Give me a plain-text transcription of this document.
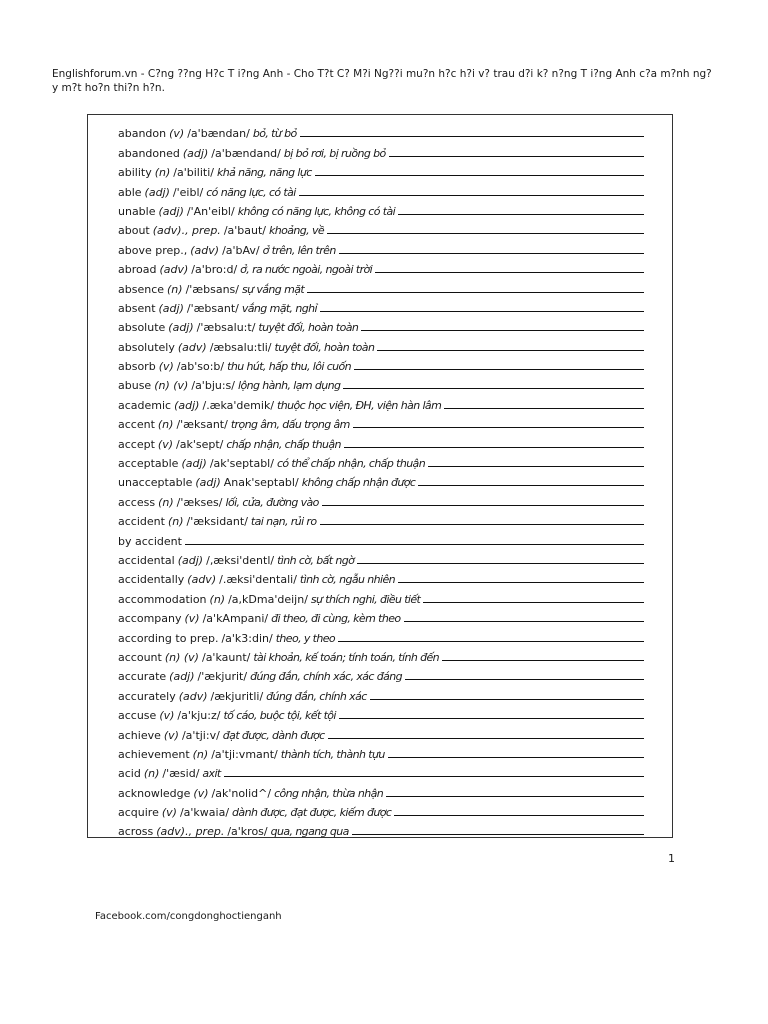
Englishforum.vn - C?ng ??ng H?c T i?ng Anh - Cho T?t C? M?i Ng??i mu?n h?c h?i v? trau d?i k? n?ng T i?ng Anh c?a m?nh ng?y m?t ho?n thi?n h?n.
abandon (v) /a'bændan/ bỏ, từ bỏ
abandoned (adj) /a'bændand/ bị bỏ rơi, bị ruồng bỏ
ability (n) /a'biliti/ khả năng, năng lực
able (adj) /'eibl/ có năng lực, có tài
unable (adj) /'An'eibl/ không có năng lực, không có tài
about (adv)., prep. /a'baut/ khoảng, về
above prep., (adv) /a'bAv/ ở trên, lên trên
abroad (adv) /a'bro:d/ ở, ra nước ngoài, ngoài trời
absence (n) /'æbsans/ sự vắng mặt
absent (adj) /'æbsant/ vắng mặt, nghỉ
absolute (adj) /'æbsalu:t/ tuyệt đối, hoàn toàn
absolutely (adv) /æbsalu:tli/ tuyệt đối, hoàn toàn
absorb (v) /ab'so:b/ thu hút, hấp thu, lôi cuốn
abuse (n) (v) /a'bju:s/ lộng hành, lạm dụng
academic (adj) /.æka'demik/ thuộc học viện, ĐH, viện hàn lâm
accent (n) /'æksant/ trọng âm, dấu trọng âm
accept (v) /ak'sept/ chấp nhận, chấp thuận
acceptable (adj) /ak'septabl/ có thể chấp nhận, chấp thuận
unacceptable (adj) Anak'septabl/ không chấp nhận được
access (n) /'ækses/ lối, cửa, đường vào
accident (n) /'æksidant/ tai nạn, rủi ro
by accident
accidental (adj) /,æksi'dentl/ tình cờ, bất ngờ
accidentally (adv) /.æksi'dentali/ tình cờ, ngẫu nhiên
accommodation (n) /a,kDma'deijn/ sự thích nghi, điều tiết
accompany (v) /a'kAmpani/ đi theo, đi cùng, kèm theo
according to prep. /a'k3:din/ theo, y theo
account (n) (v) /a'kaunt/ tài khoản, kế toán; tính toán, tính đến
accurate (adj) /'ækjurit/ đúng đắn, chính xác, xác đáng
accurately (adv) /ækjuritli/ đúng đắn, chính xác
accuse (v) /a'kju:z/ tố cáo, buộc tội, kết tội
achieve (v) /a'tji:v/ đạt được, dành được
achievement (n) /a'tji:vmant/ thành tích, thành tựu
acid (n) /'æsid/ axit
acknowledge (v) /ak'nolid^/ công nhận, thừa nhận
acquire (v) /a'kwaia/ dành được, đạt được, kiếm được
across (adv)., prep. /a'kros/ qua, ngang qua
1
Facebook.com/congdonghoctienganh
